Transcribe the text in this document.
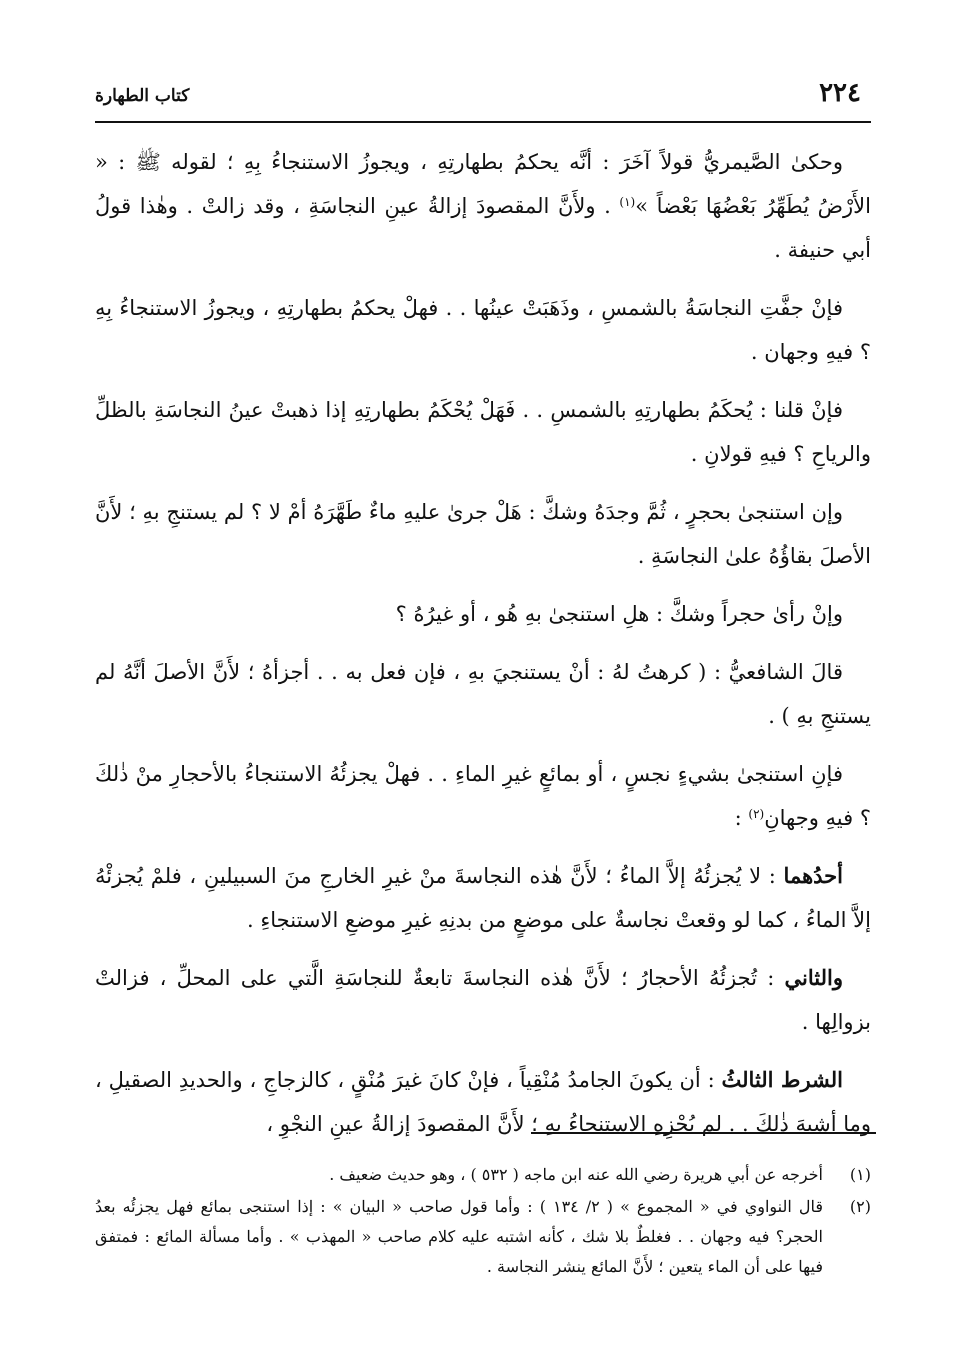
٢٢٤
كتاب الطهارة

وحكىٰ الصَّيمريُّ قولاً آخَرَ : أنَّه يحكمُ بطهارتِهِ ، ويجوزُ الاستنجاءُ بِهِ ؛ لقوله ﷺ : « الأَرْضُ يُطَهِّرُ بَعْضُهَا بَعْضاً »$^{(١)}$ . ولأَنَّ المقصودَ إزالةُ عينِ النجاسَةِ ، وقد زالتْ . وهٰذا قولُ أبي حنيفة .

فإنْ جفَّتِ النجاسَةُ بالشمسِ ، وذَهَبَتْ عينُها . . فهلْ يحكمُ بطهارتِهِ ، ويجوزُ الاستنجاءُ بِهِ ؟ فيهِ وجهان .

فإنْ قلنا : يُحكَمُ بطهارتِهِ بالشمسِ . . فَهَلْ يُحْكَمُ بطهارتِهِ إذا ذهبتْ عينُ النجاسَةِ بالظلِّ والرياحِ ؟ فيهِ قولانِ .

وإن استنجىٰ بحجرٍ ، ثُمَّ وجدَهُ وشكَّ : هَلْ جرىٰ عليهِ ماءٌ طَهَّرَهُ أمْ لا ؟ لم يستنجِ بهِ ؛ لأَنَّ الأصلَ بقاؤُهُ علىٰ النجاسَةِ .

وإنْ رأىٰ حجراً وشكَّ : هلِ استنجىٰ بهِ هُو ، أو غيرُهُ ؟

قالَ الشافعيُّ : ( كرهتُ لهُ : أنْ يستنجيَ بهِ ، فإن فعل به . . أجزأهُ ؛ لأَنَّ الأصلَ أنَّهُ لم يستنجِ بهِ ) .

فإنِ استنجىٰ بشيءٍ نجسٍ ، أو بمائعٍ غيرِ الماءِ . . فهلْ يجزئُهُ الاستنجاءُ بالأحجارِ منْ ذٰلكَ ؟ فيهِ وجهانِ$^{(٢)}$ :

أحدُهما : لا يُجزئُهُ إلاَّ الماءُ ؛ لأَنَّ هٰذه النجاسةَ منْ غيرِ الخارجِ منَ السبيلينِ ، فلمْ يُجزئْهُ إلاَّ الماءُ ، كما لو وقعتْ نجاسةٌ على موضعٍ من بدنِهِ غيرِ موضعِ الاستنجاءِ .

والثاني : تُجزئُهُ الأحجارُ ؛ لأَنَّ هٰذه النجاسةَ تابعةٌ للنجاسَةِ الَّتي على المحلِّ ، فزالتْ بزوالِها .

الشرط الثالثُ : أن يكونَ الجامدُ مُنْقِياً ، فإنْ كانَ غيرَ مُنْقٍ ، كالزجاجِ ، والحديدِ الصقيلِ ، وما أشبهَ ذٰلكَ . . لم يُجْزِهِ الاستنجاءُ بهِ ؛ لأَنَّ المقصودَ إزالةُ عينِ النجْوِ ،

(١)
أخرجه عن أبي هريرة رضي الله عنه ابن ماجه ( ٥٣٢ ) ، وهو حديث ضعيف .

(٢)
قال النواوي في « المجموع » ( ٢/ ١٣٤ ) : وأما قول صاحب « البيان » : إذا استنجى بمائع فهل يجزئُه بعدُ الحجر؟ فيه وجهان . . فغلطٌ بلا شك ، كأنه اشتبه عليه كلام صاحب « المهذب » . وأما مسألة المائع : فمتفق فيها على أن الماء يتعين ؛ لأَنَّ المائع ينشر النجاسة .
